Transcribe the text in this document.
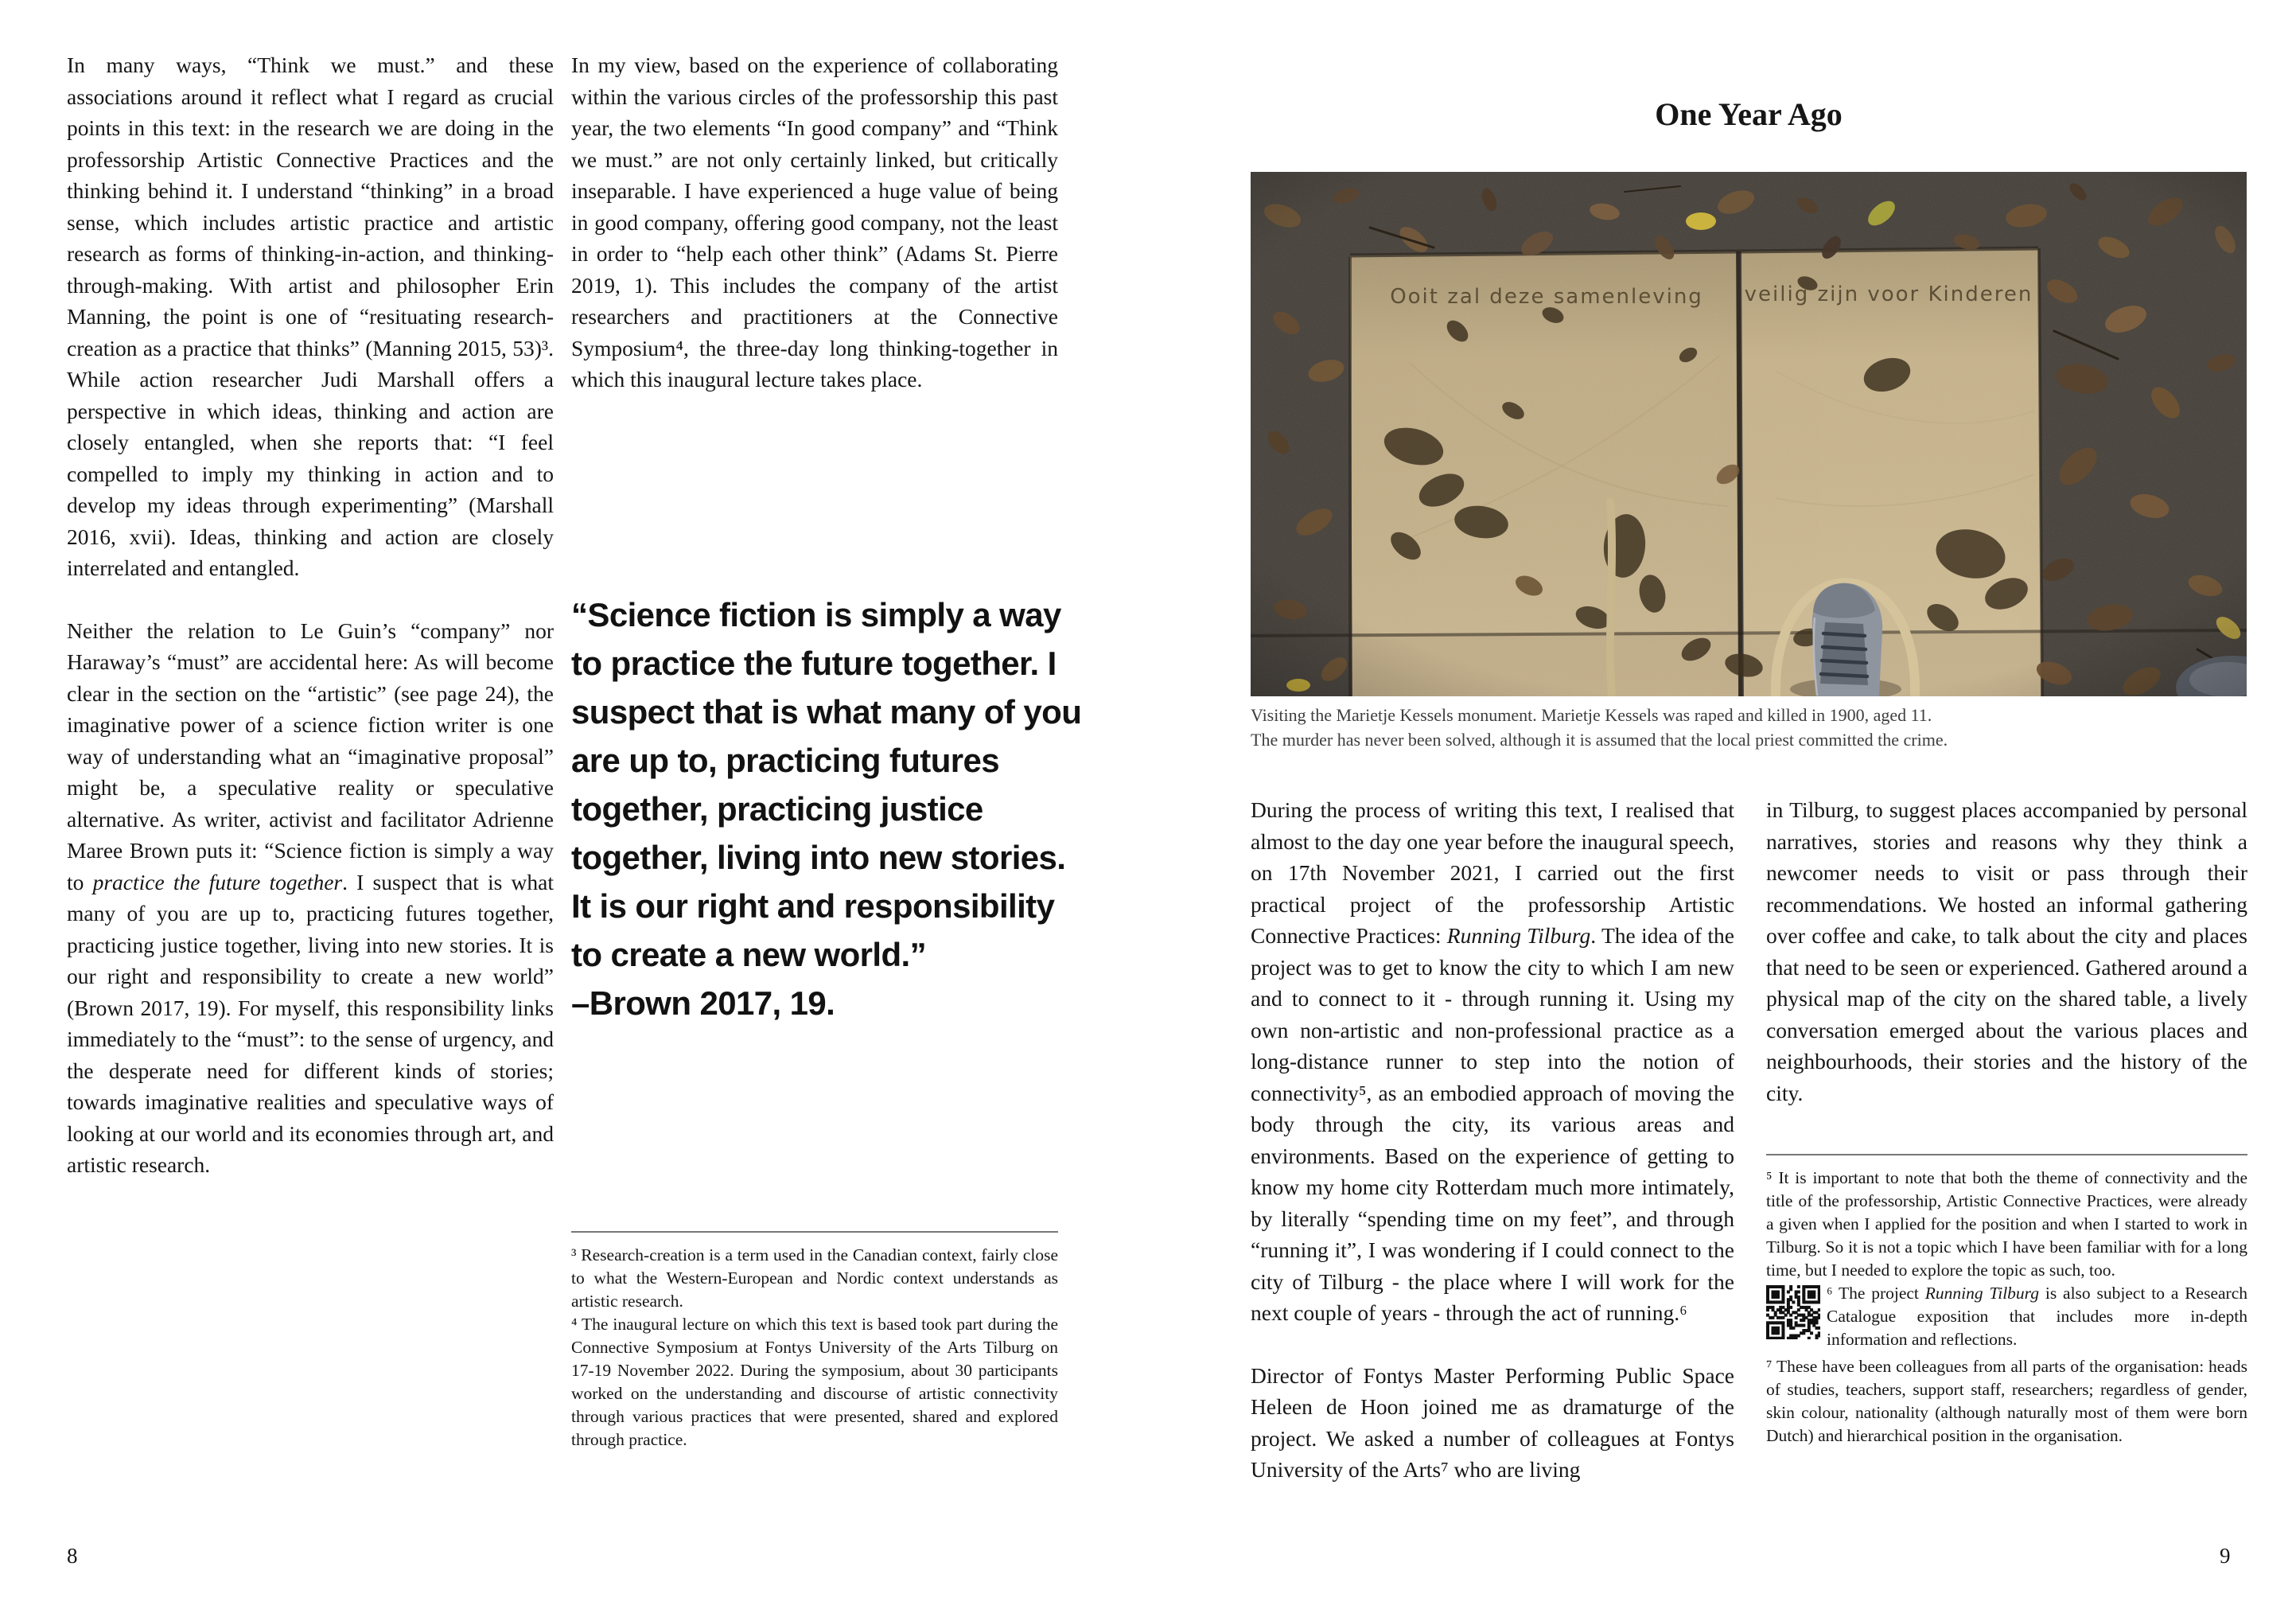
In many ways, “Think we must.” and these associations around it reflect what I regard as crucial points in this text: in the research we are doing in the professorship Artistic Connective Practices and the thinking behind it. I understand “thinking” in a broad sense, which includes artistic practice and artistic research as forms of thinking-in-action, and thinking-through-making. With artist and philosopher Erin Manning, the point is one of “resituating research-creation as a practice that thinks” (Manning 2015, 53)³. While action researcher Judi Marshall offers a perspective in which ideas, thinking and action are closely entangled, when she reports that: “I feel compelled to imply my thinking in action and to develop my ideas through experimenting” (Marshall 2016, xvii). Ideas, thinking and action are closely interrelated and entangled.

Neither the relation to Le Guin’s “company” nor Haraway’s “must” are accidental here: As will become clear in the section on the “artistic” (see page 24), the imaginative power of a science fiction writer is one way of understanding what an “imaginative proposal” might be, a speculative reality or speculative alternative. As writer, activist and facilitator Adrienne Maree Brown puts it: “Science fiction is simply a way to practice the future together. I suspect that is what many of you are up to, practicing futures together, practicing justice together, living into new stories. It is our right and responsibility to create a new world” (Brown 2017, 19). For myself, this responsibility links immediately to the “must”: to the sense of urgency, and the desperate need for different kinds of stories; towards imaginative realities and speculative ways of looking at our world and its economies through art, and artistic research.

In my view, based on the experience of collaborating within the various circles of the professorship this past year, the two elements “In good company” and “Think we must.” are not only certainly linked, but critically inseparable. I have experienced a huge value of being in good company, offering good company, not the least in order to “help each other think” (Adams St. Pierre 2019, 1). This includes the company of the artist researchers and practitioners at the Connective Symposium⁴, the three-day long thinking-together in which this inaugural lecture takes place.

“Science fiction is simply a way to practice the future together. I suspect that is what many of you are up to, practicing futures together, practicing justice together, living into new stories. It is our right and responsibility to create a new world.”
–Brown 2017, 19.

³ Research-creation is a term used in the Canadian context, fairly close to what the Western-European and Nordic context understands as artistic research.

⁴ The inaugural lecture on which this text is based took part during the Connective Symposium at Fontys University of the Arts Tilburg on 17-19 November 2022. During the symposium, about 30 participants worked on the understanding and discourse of artistic connectivity through various practices that were presented, shared and explored through practice.

8
One Year Ago
Visiting the Marietje Kessels monument. Marietje Kessels was raped and killed in 1900, aged 11.
The murder has never been solved, although it is assumed that the local priest committed the crime.

During the process of writing this text, I realised that almost to the day one year before the inaugural speech, on 17th November 2021, I carried out the first practical project of the professorship Artistic Connective Practices: Running Tilburg. The idea of the project was to get to know the city to which I am new and to connect to it - through running it. Using my own non-artistic and non-professional practice as a long-distance runner to step into the notion of connectivity⁵, as an embodied approach of moving the body through the city, its various areas and environments. Based on the experience of getting to know my home city Rotterdam much more intimately, by literally “spending time on my feet”, and through “running it”, I was wondering if I could connect to the city of Tilburg - the place where I will work for the next couple of years - through the act of running.⁶

Director of Fontys Master Performing Public Space Heleen de Hoon joined me as dramaturge of the project. We asked a number of colleagues at Fontys University of the Arts⁷ who are living

in Tilburg, to suggest places accompanied by personal narratives, stories and reasons why they think a newcomer needs to visit or pass through their recommendations. We hosted an informal gathering over coffee and cake, to talk about the city and places that need to be seen or experienced. Gathered around a physical map of the city on the shared table, a lively conversation emerged about the various places and neighbourhoods, their stories and the history of the city.

⁵ It is important to note that both the theme of connectivity and the title of the professorship, Artistic Connective Practices, were already a given when I applied for the position and when I started to work in Tilburg. So it is not a topic which I have been familiar with for a long time, but I needed to explore the topic as such, too.

⁶ The project Running Tilburg is also subject to a Research Catalogue exposition that includes more in-depth information and reflections.

⁷ These have been colleagues from all parts of the organisation: heads of studies, teachers, support staff, researchers; regardless of gender, skin colour, nationality (although naturally most of them were born Dutch) and hierarchical position in the organisation.

9
